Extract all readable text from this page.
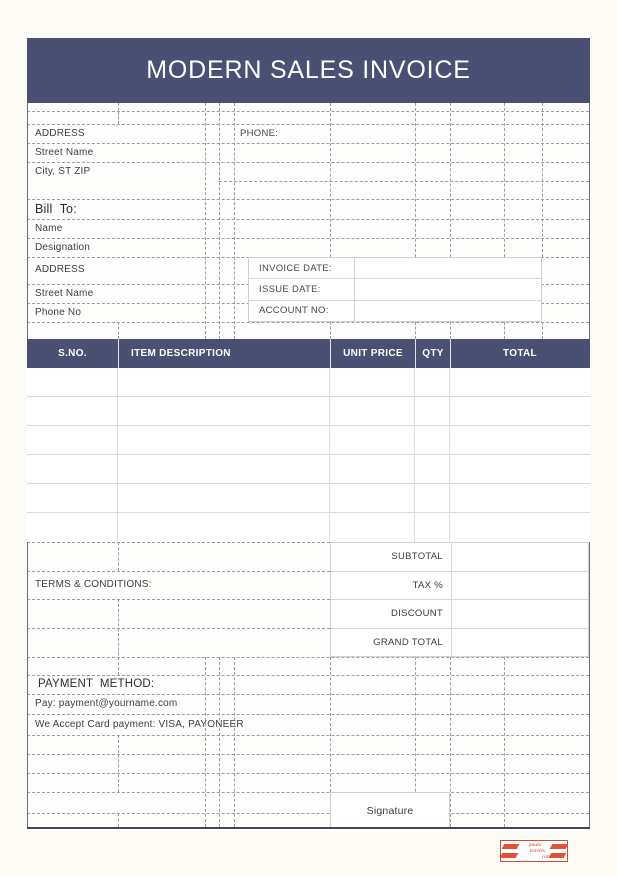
MODERN SALES INVOICE
ADDRESS
Street Name
City, ST ZIP
PHONE:
Bill  To:
Name
Designation
ADDRESS
Street Name
Phone No
INVOICE DATE:
ISSUE DATE:
ACCOUNT NO:
S.NO.	ITEM DESCRIPTION	UNIT PRICE	QTY	TOTAL
SUBTOTAL
TAX %
DISCOUNT
GRAND TOTAL
TERMS & CONDITIONS:
PAYMENT  METHOD:
Pay: payment@yourname.com
We Accept Card payment: VISA, PAYONEER
Signature
paulo
travels.
com
